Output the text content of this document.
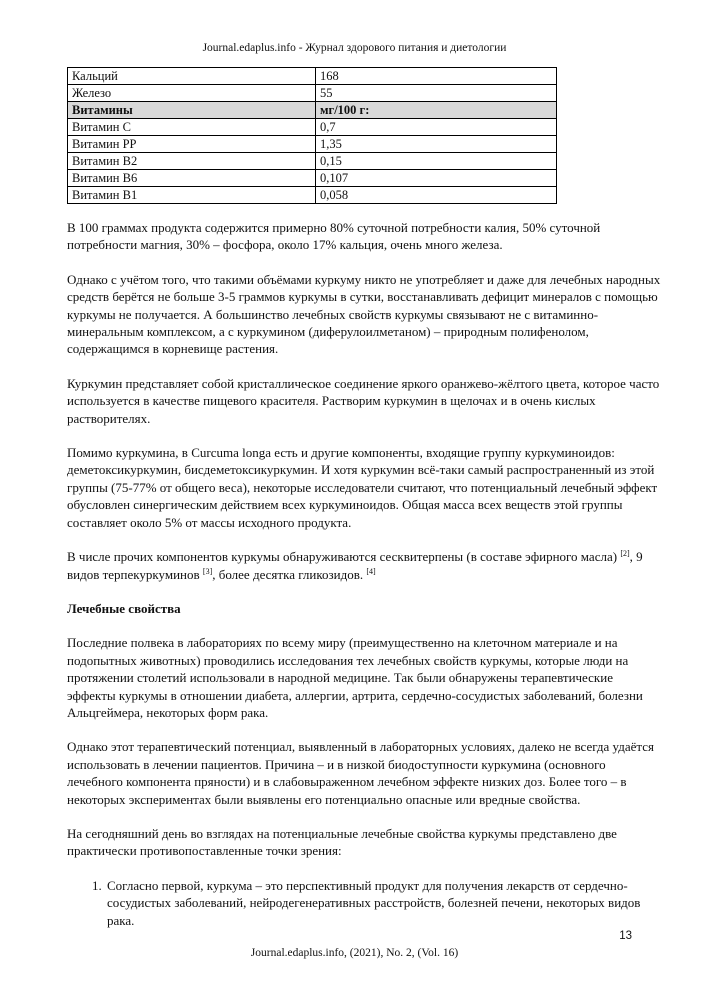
Journal.edaplus.info - Журнал здорового питания и диетологии
Кальций	168
Железо	55
Витамины	мг/100 г:
Витамин С	0,7
Витамин РР	1,35
Витамин В2	0,15
Витамин В6	0,107
Витамин В1	0,058

В 100 граммах продукта содержится примерно 80% суточной потребности калия, 50% суточной потребности магния, 30% – фосфора, около 17% кальция, очень много железа.

Однако с учётом того, что такими объёмами куркуму никто не употребляет и даже для лечебных народных средств берётся не больше 3-5 граммов куркумы в сутки, восстанавливать дефицит минералов с помощью куркумы не получается. А большинство лечебных свойств куркумы связывают не с витаминно-минеральным комплексом, а с куркумином (диферулоилметаном) – природным полифенолом, содержащимся в корневище растения.

Куркумин представляет собой кристаллическое соединение яркого оранжево-жёлтого цвета, которое часто используется в качестве пищевого красителя. Растворим куркумин в щелочах и в очень кислых растворителях.

Помимо куркумина, в Curcuma longa есть и другие компоненты, входящие группу куркуминоидов: деметоксикуркумин, бисдеметоксикуркумин. И хотя куркумин всё-таки самый распространенный из этой группы (75-77% от общего веса), некоторые исследователи считают, что потенциальный лечебный эффект обусловлен синергическим действием всех куркуминоидов. Общая масса всех веществ этой группы составляет около 5% от массы исходного продукта.

В числе прочих компонентов куркумы обнаруживаются сесквитерпены (в составе эфирного масла) [2], 9 видов терпекуркуминов [3], более десятка гликозидов. [4]

Лечебные свойства

Последние полвека в лабораториях по всему миру (преимущественно на клеточном материале и на подопытных животных) проводились исследования тех лечебных свойств куркумы, которые люди на протяжении столетий использовали в народной медицине. Так были обнаружены терапевтические эффекты куркумы в отношении диабета, аллергии, артрита, сердечно-сосудистых заболеваний, болезни Альцгеймера, некоторых форм рака.

Однако этот терапевтический потенциал, выявленный в лабораторных условиях, далеко не всегда удаётся использовать в лечении пациентов. Причина – и в низкой биодоступности куркумина (основного лечебного компонента пряности) и в слабовыраженном лечебном эффекте низких доз. Более того – в некоторых экспериментах были выявлены его потенциально опасные или вредные свойства.

На сегодняшний день во взглядах на потенциальные лечебные свойства куркумы представлено две практически противопоставленные точки зрения:

1. Согласно первой, куркума – это перспективный продукт для получения лекарств от сердечно-сосудистых заболеваний, нейродегенеративных расстройств, болезней печени, некоторых видов рака.
13
Journal.edaplus.info, (2021), No. 2, (Vol. 16)
